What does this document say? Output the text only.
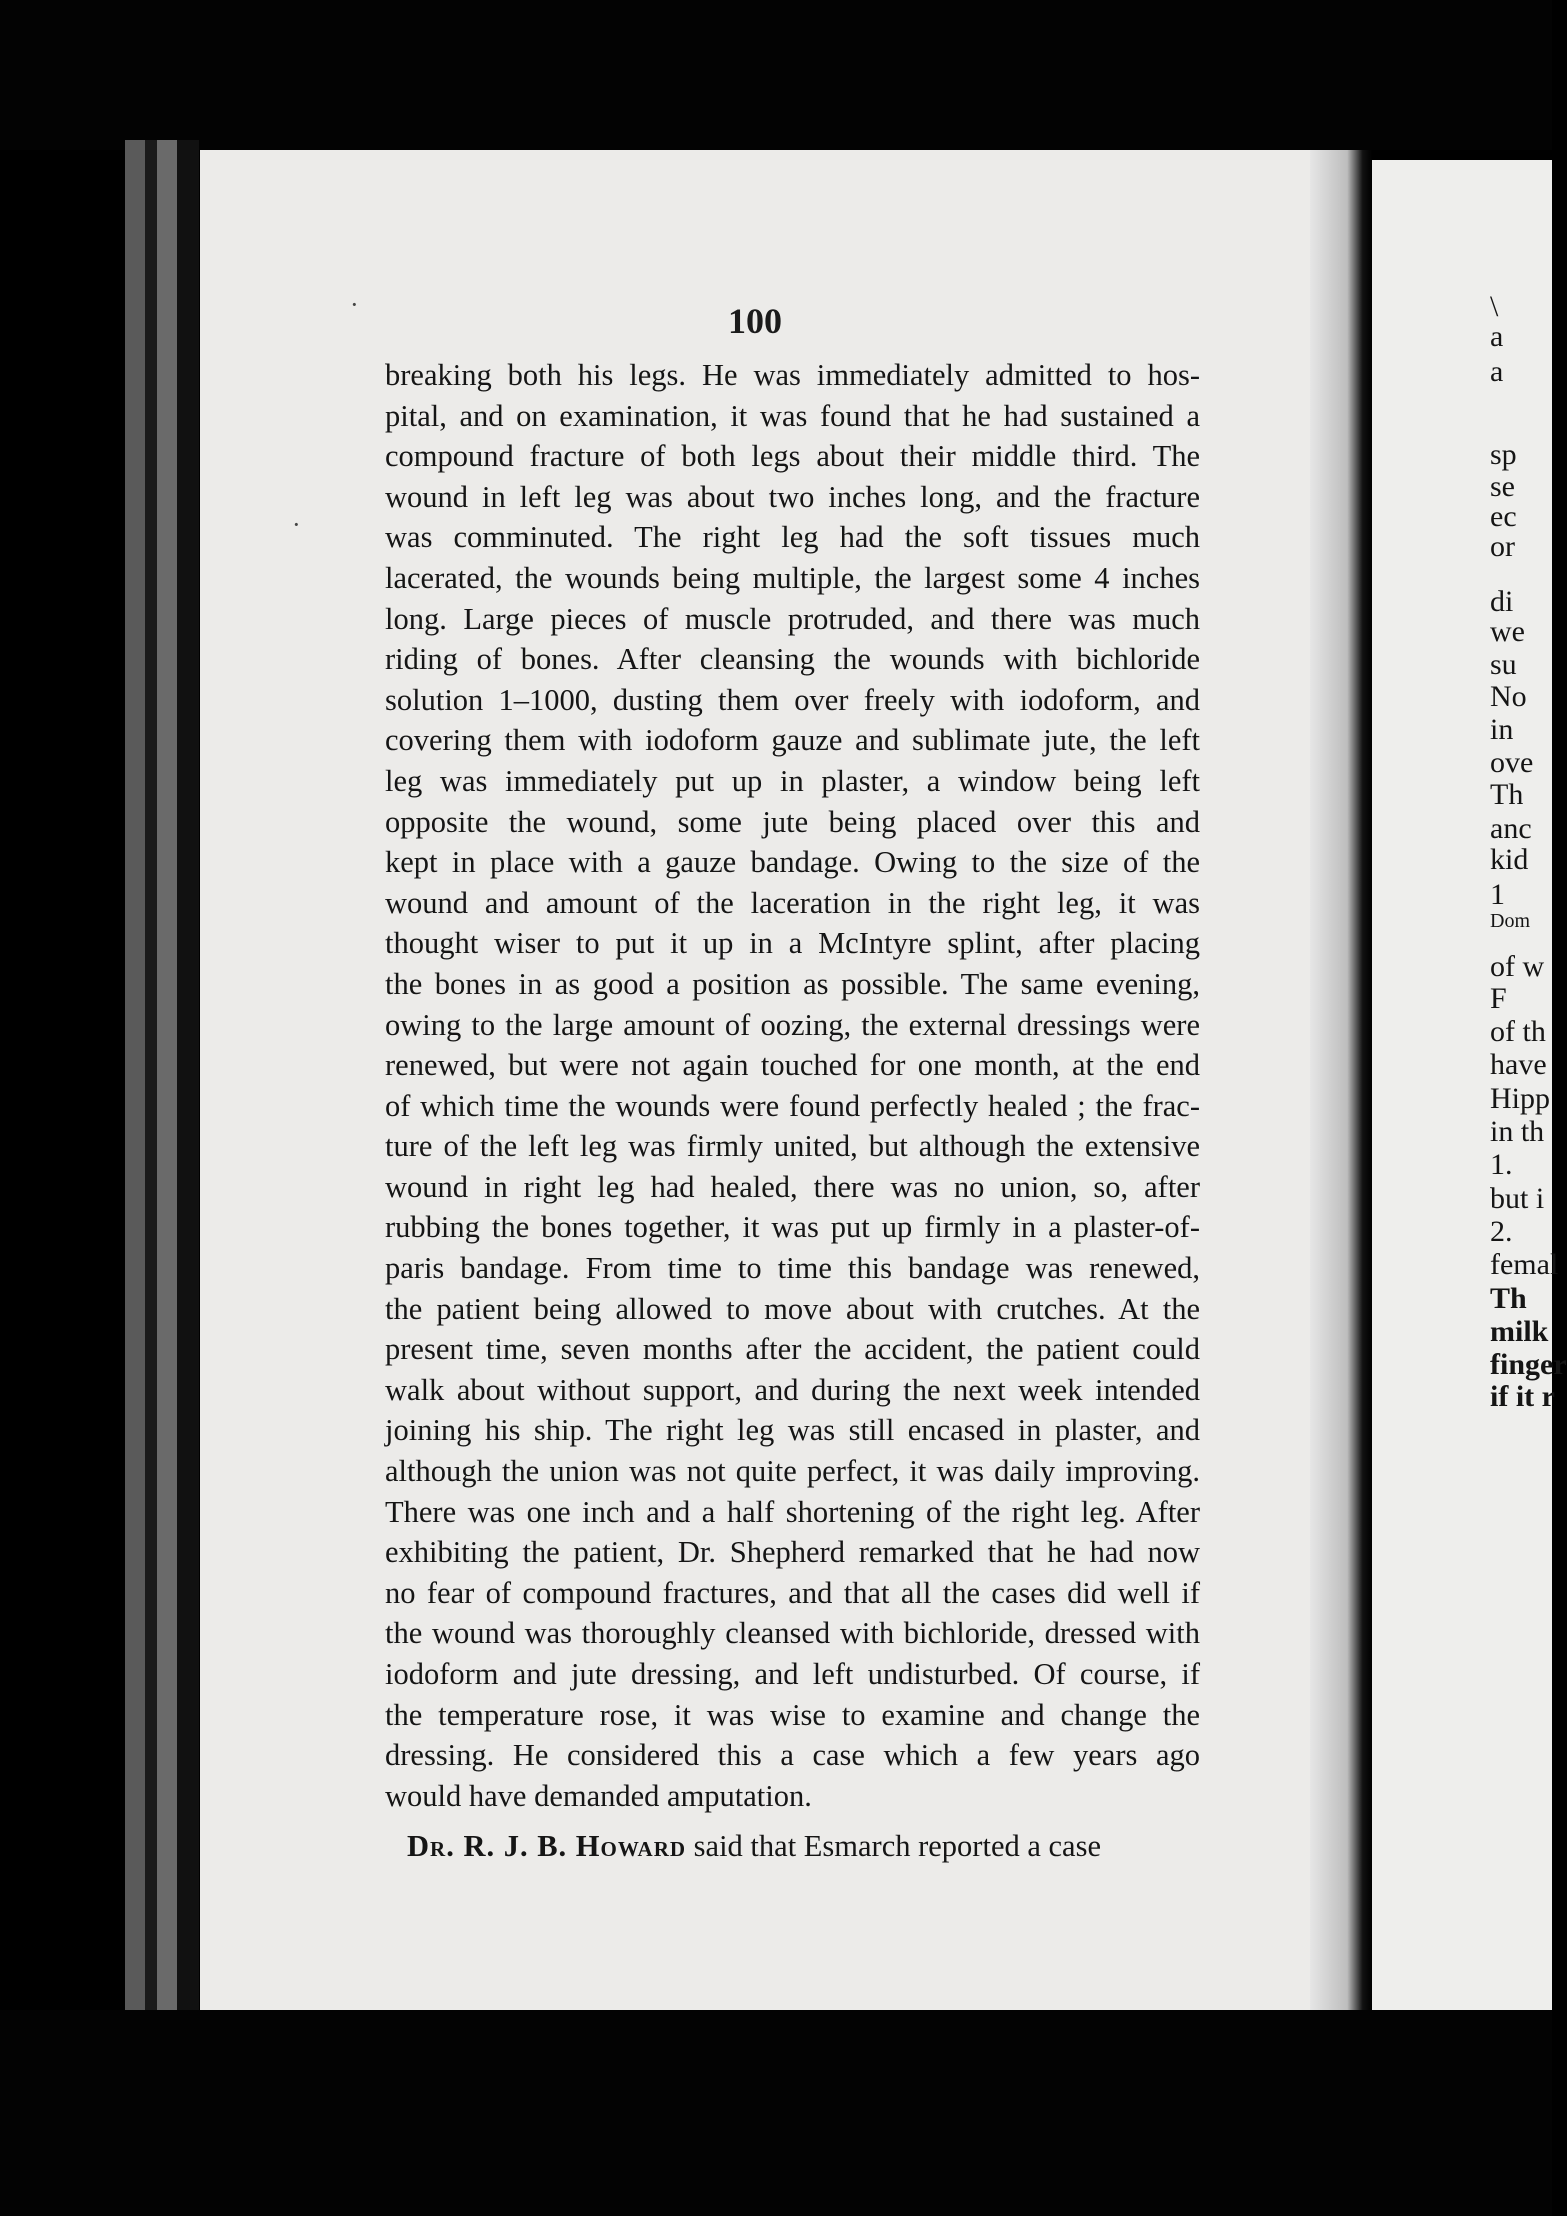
100
breaking both his legs. He was immediately admitted to hos-
pital, and on examination, it was found that he had sustained a
compound fracture of both legs about their middle third. The
wound in left leg was about two inches long, and the fracture
was comminuted. The right leg had the soft tissues much
lacerated, the wounds being multiple, the largest some 4 inches
long. Large pieces of muscle protruded, and there was much
riding of bones. After cleansing the wounds with bichloride
solution 1–1000, dusting them over freely with iodoform, and
covering them with iodoform gauze and sublimate jute, the left
leg was immediately put up in plaster, a window being left
opposite the wound, some jute being placed over this and
kept in place with a gauze bandage. Owing to the size of the
wound and amount of the laceration in the right leg, it was
thought wiser to put it up in a McIntyre splint, after placing
the bones in as good a position as possible. The same evening,
owing to the large amount of oozing, the external dressings were
renewed, but were not again touched for one month, at the end
of which time the wounds were found perfectly healed ; the frac-
ture of the left leg was firmly united, but although the extensive
wound in right leg had healed, there was no union, so, after
rubbing the bones together, it was put up firmly in a plaster-of-
paris bandage. From time to time this bandage was renewed,
the patient being allowed to move about with crutches. At the
present time, seven months after the accident, the patient could
walk about without support, and during the next week intended
joining his ship. The right leg was still encased in plaster, and
although the union was not quite perfect, it was daily improving.
There was one inch and a half shortening of the right leg. After
exhibiting the patient, Dr. Shepherd remarked that he had now
no fear of compound fractures, and that all the cases did well if
the wound was thoroughly cleansed with bichloride, dressed with
iodoform and jute dressing, and left undisturbed. Of course, if
the temperature rose, it was wise to examine and change the
dressing. He considered this a case which a few years ago
would have demanded amputation.
Dr. R. J. B. Howard said that Esmarch reported a case
·
·
\
a
a
sp
se
ec
or
di
we
su
No
in
ove
Th
anc
kid
1
Dom
of w
F
of th
have
Hipp
in th
1.
but i
2.
femal
Th
milk
finger
if it r
